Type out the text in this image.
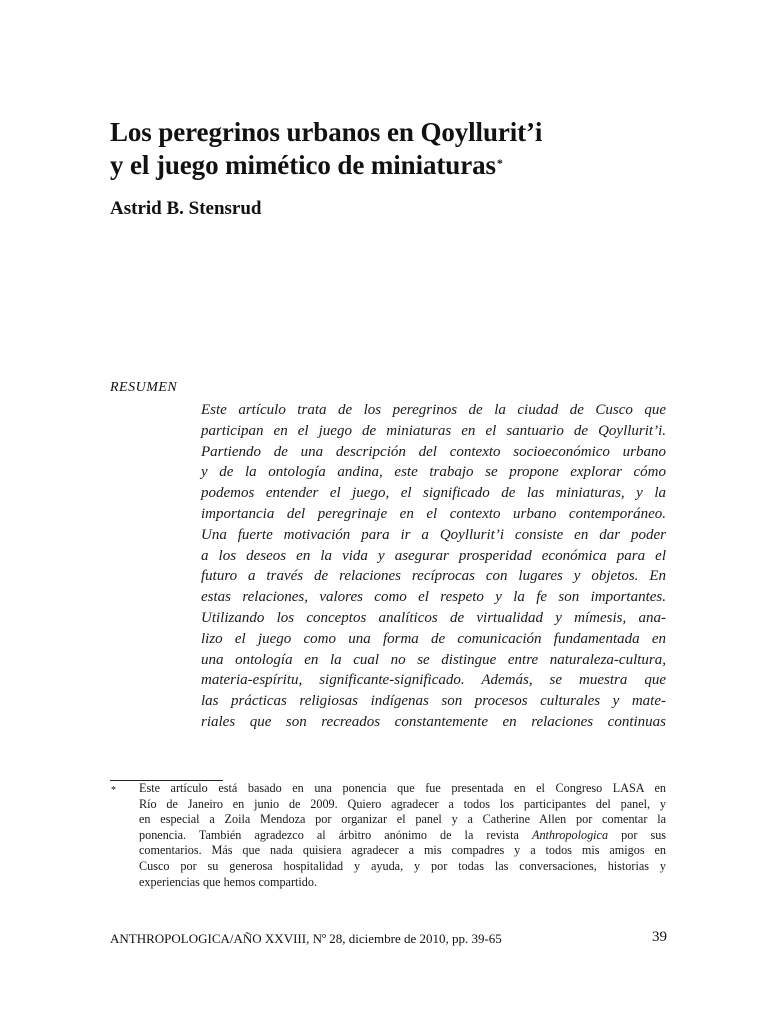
Los peregrinos urbanos en Qoyllurit’i
y el juego mimético de miniaturas*
Astrid B. Stensrud

RESUMEN

Este artículo trata de los peregrinos de la ciudad de Cusco que
participan en el juego de miniaturas en el santuario de Qoyllurit’i.
Partiendo de una descripción del contexto socioeconómico urbano
y de la ontología andina, este trabajo se propone explorar cómo
podemos entender el juego, el significado de las miniaturas, y la
importancia del peregrinaje en el contexto urbano contemporáneo.
Una fuerte motivación para ir a Qoyllurit’i consiste en dar poder
a los deseos en la vida y asegurar prosperidad económica para el
futuro a través de relaciones recíprocas con lugares y objetos. En
estas relaciones, valores como el respeto y la fe son importantes.
Utilizando los conceptos analíticos de virtualidad y mímesis, ana-
lizo el juego como una forma de comunicación fundamentada en
una ontología en la cual no se distingue entre naturaleza-cultura,
materia-espíritu, significante-significado. Además, se muestra que
las prácticas religiosas indígenas son procesos culturales y mate-
riales que son recreados constantemente en relaciones continuas
* Este artículo está basado en una ponencia que fue presentada en el Congreso LASA en
Río de Janeiro en junio de 2009. Quiero agradecer a todos los participantes del panel, y
en especial a Zoila Mendoza por organizar el panel y a Catherine Allen por comentar la
ponencia. También agradezco al árbitro anónimo de la revista Anthropologica por sus
comentarios. Más que nada quisiera agradecer a mis compadres y a todos mis amigos en
Cusco por su generosa hospitalidad y ayuda, y por todas las conversaciones, historias y
experiencias que hemos compartido.

ANTHROPOLOGICA/AÑO XXVIII, Nº 28, diciembre de 2010, pp. 39-65	39
